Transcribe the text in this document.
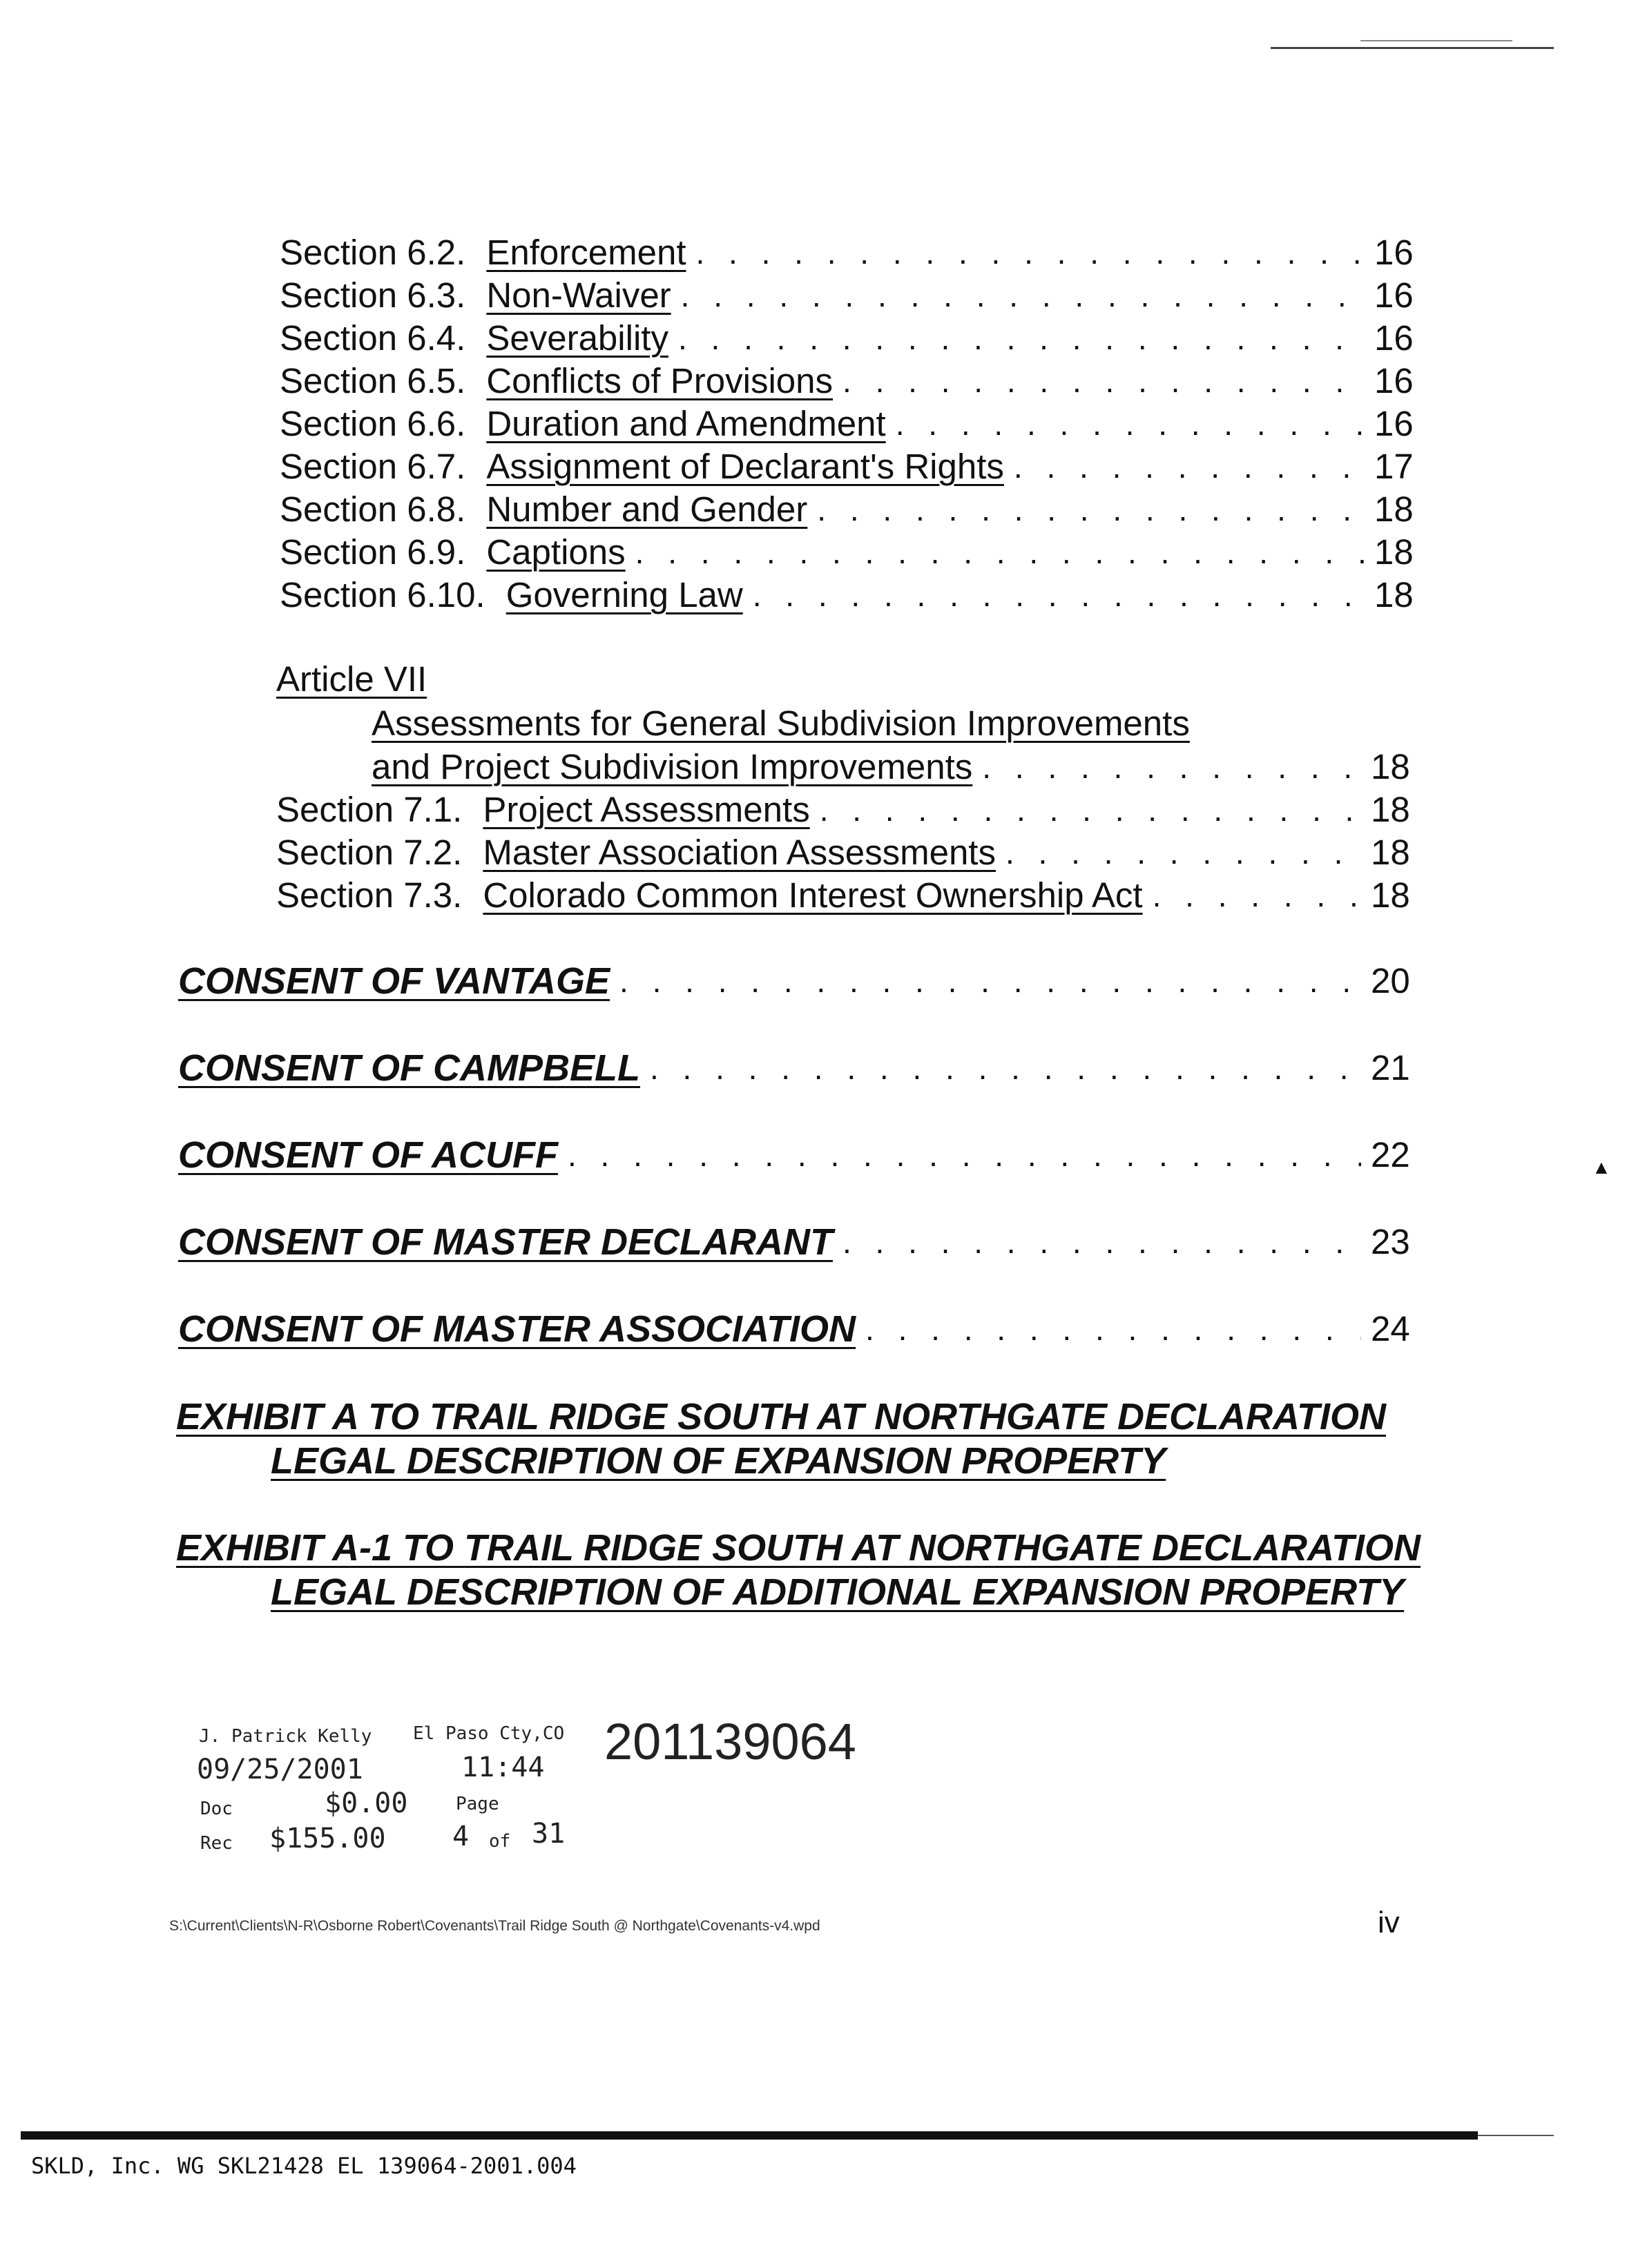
Section 6.2. Enforcement . . .	16
Section 6.3. Non-Waiver . . .	16
Section 6.4. Severability . . .	16
Section 6.5. Conflicts of Provisions . . .	16
Section 6.6. Duration and Amendment . . .	16
Section 6.7. Assignment of Declarant's Rights . . .	17
Section 6.8. Number and Gender . . .	18
Section 6.9. Captions . . .	18
Section 6.10. Governing Law . . .	18
Article VII
Assessments for General Subdivision Improvements
and Project Subdivision Improvements . . .	18
Section 7.1. Project Assessments . . .	18
Section 7.2. Master Association Assessments . . .	18
Section 7.3. Colorado Common Interest Ownership Act . . .	18
CONSENT OF VANTAGE . . .	20
CONSENT OF CAMPBELL . . .	21
CONSENT OF ACUFF . . .	22
CONSENT OF MASTER DECLARANT . . .	23
CONSENT OF MASTER ASSOCIATION . . .	24
EXHIBIT A TO TRAIL RIDGE SOUTH AT NORTHGATE DECLARATION
LEGAL DESCRIPTION OF EXPANSION PROPERTY
EXHIBIT A-1 TO TRAIL RIDGE SOUTH AT NORTHGATE DECLARATION
LEGAL DESCRIPTION OF ADDITIONAL EXPANSION PROPERTY
J. Patrick Kelly El Paso Cty,CO 201139064
09/25/2001	11:44
Doc	$0.00	Page
Rec $155.00 4 of 31
S:\Current\Clients\N-R\Osborne Robert\Covenants\Trail Ridge South @ Northgate\Covenants-v4.wpd	iv
▲
SKLD, Inc. WG SKL21428 EL 139064-2001.004
